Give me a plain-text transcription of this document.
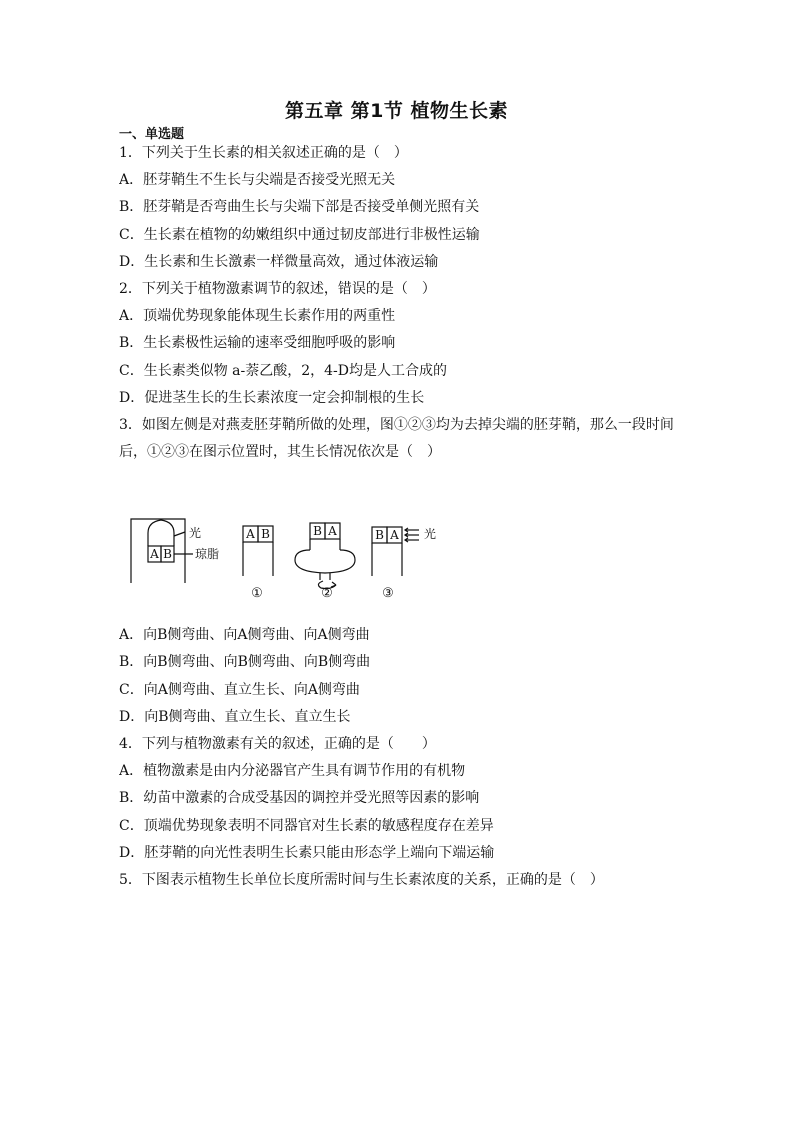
第五章 第1节 植物生长素
一、单选题
1．下列关于生长素的相关叙述正确的是（　）
A．胚芽鞘生不生长与尖端是否接受光照无关
B．胚芽鞘是否弯曲生长与尖端下部是否接受单侧光照有关
C．生长素在植物的幼嫩组织中通过韧皮部进行非极性运输
D．生长素和生长激素一样微量高效，通过体液运输
2．下列关于植物激素调节的叙述，错误的是（　）
A．顶端优势现象能体现生长素作用的两重性
B．生长素极性运输的速率受细胞呼吸的影响
C．生长素类似物 a-萘乙酸，2，4-D均是人工合成的
D．促进茎生长的生长素浓度一定会抑制根的生长
3．如图左侧是对燕麦胚芽鞘所做的处理，图①②③均为去掉尖端的胚芽鞘，那么一段时间
后，①②③在图示位置时，其生长情况依次是（　）
A B
光
琼脂
A B
①
B A
②
B A 光
③
A．向B侧弯曲、向A侧弯曲、向A侧弯曲
B．向B侧弯曲、向B侧弯曲、向B侧弯曲
C．向A侧弯曲、直立生长、向A侧弯曲
D．向B侧弯曲、直立生长、直立生长
4．下列与植物激素有关的叙述，正确的是（　　）
A．植物激素是由内分泌器官产生具有调节作用的有机物
B．幼苗中激素的合成受基因的调控并受光照等因素的影响
C．顶端优势现象表明不同器官对生长素的敏感程度存在差异
D．胚芽鞘的向光性表明生长素只能由形态学上端向下端运输
5．下图表示植物生长单位长度所需时间与生长素浓度的关系，正确的是（　）
